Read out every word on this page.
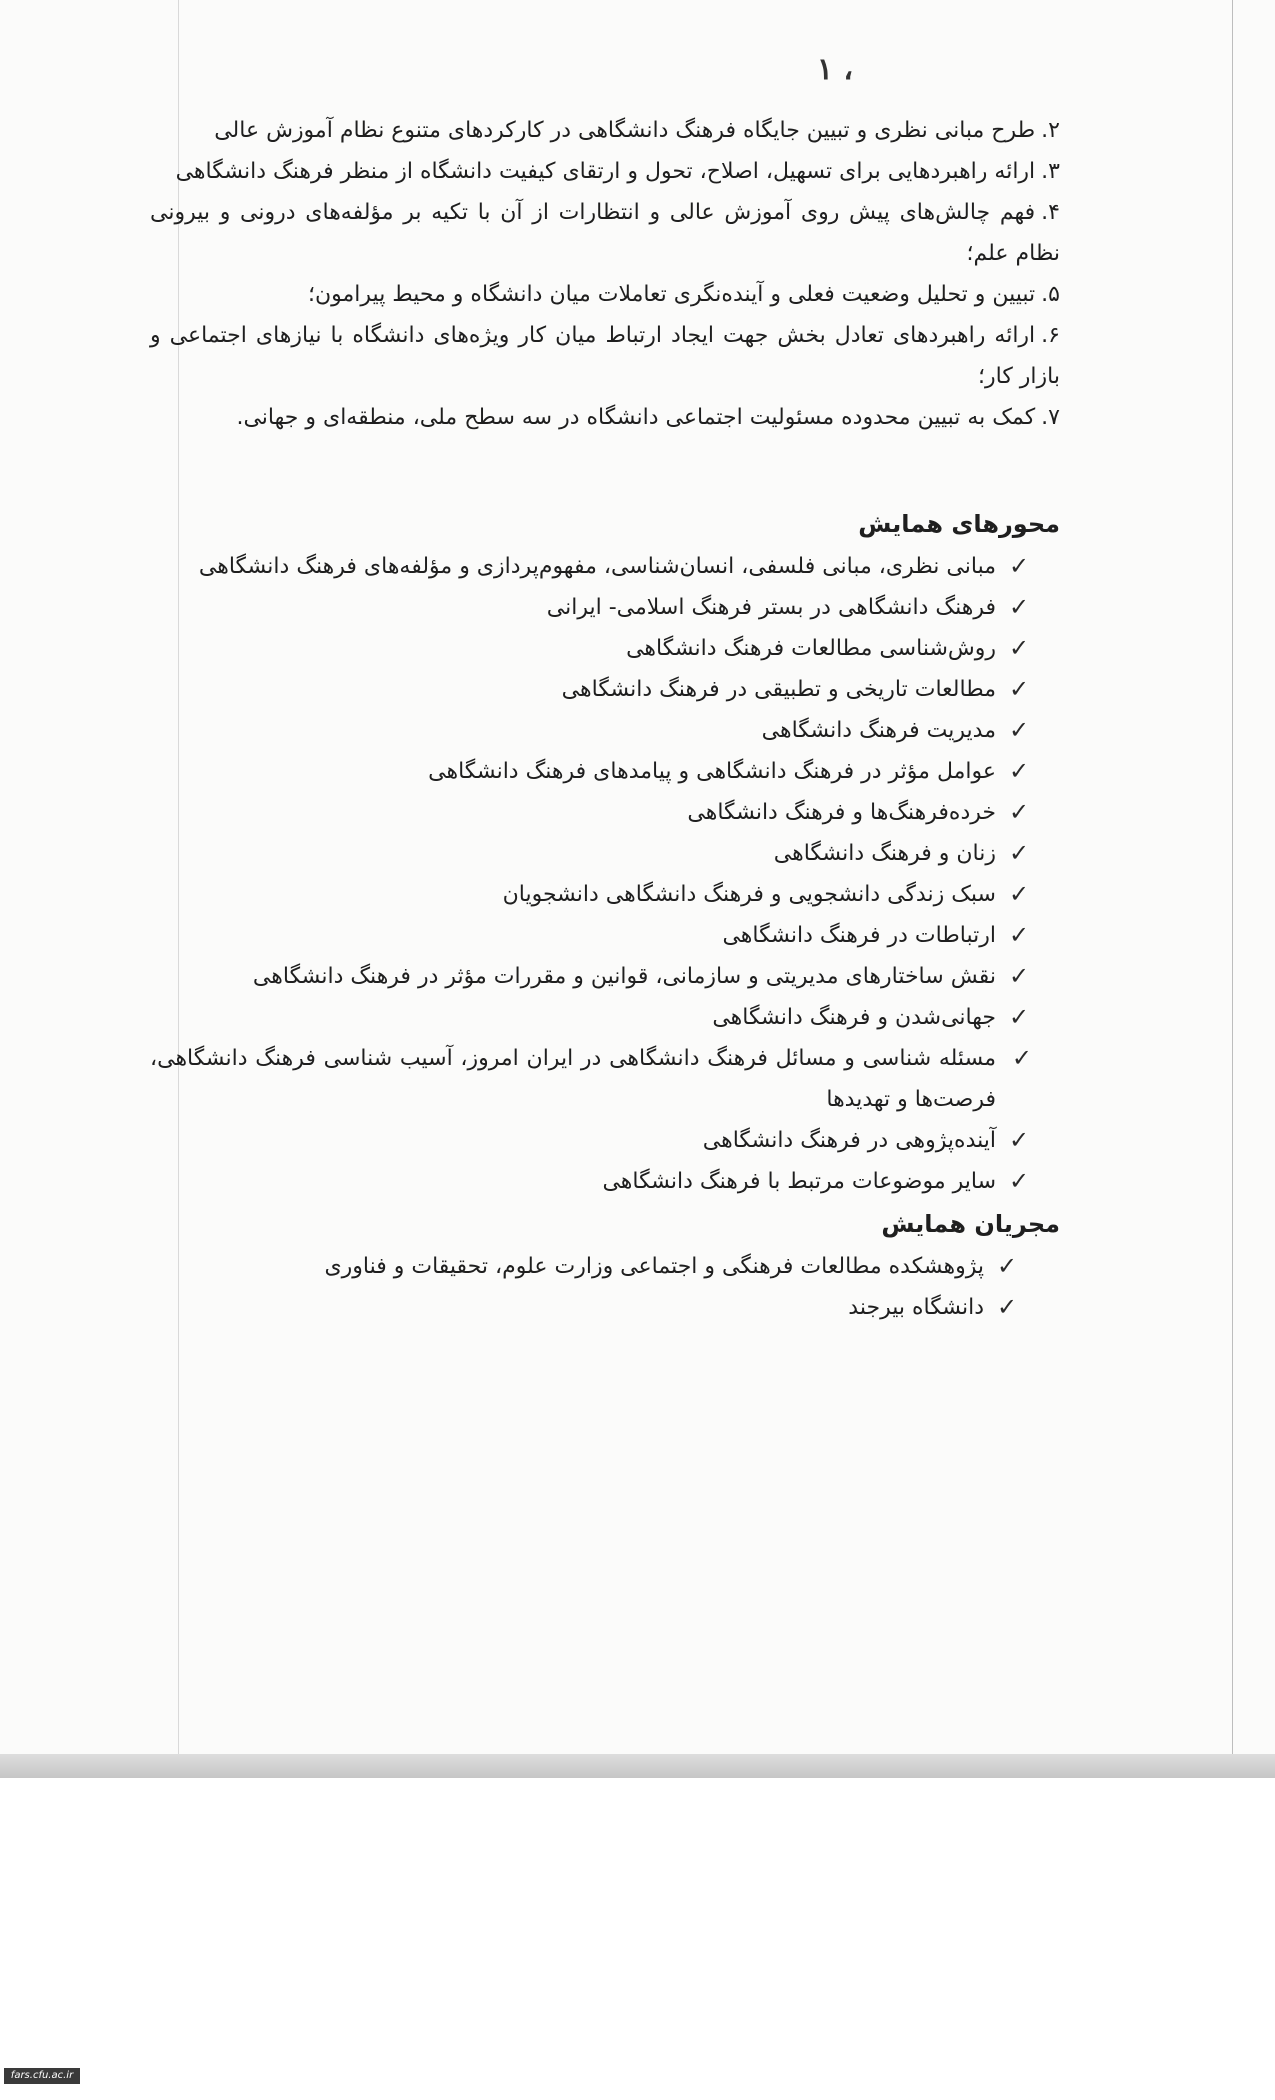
۱ ،

۲.طرح مبانی نظری و تبیین جایگاه فرهنگ دانشگاهی در کارکردهای متنوع نظام آموزش عالی

۳.ارائه راهبردهایی برای تسهیل، اصلاح، تحول و ارتقای کیفیت دانشگاه از منظر فرهنگ دانشگاهی

۴.فهم چالش‌های پیش روی آموزش عالی و انتظارات از آن با تکیه بر مؤلفه‌های درونی و بیرونی نظام علم؛

۵.تبیین و تحلیل وضعیت فعلی و آینده‌نگری تعاملات میان دانشگاه و محیط پیرامون؛

۶.ارائه راهبردهای تعادل بخش جهت ایجاد ارتباط میان کار ویژه‌های دانشگاه با نیازهای اجتماعی و بازار کار؛

۷.کمک به تبیین محدوده مسئولیت اجتماعی دانشگاه در سه سطح ملی، منطقه‌ای و جهانی.

محورهای همایش
✓
مبانی نظری، مبانی فلسفی، انسان‌شناسی، مفهوم‌پردازی و مؤلفه‌های فرهنگ دانشگاهی
✓
فرهنگ دانشگاهی در بستر فرهنگ اسلامی- ایرانی
✓
روش‌شناسی مطالعات فرهنگ دانشگاهی
✓
مطالعات تاریخی و تطبیقی در فرهنگ دانشگاهی
✓
مدیریت فرهنگ دانشگاهی
✓
عوامل مؤثر در فرهنگ دانشگاهی و پیامدهای فرهنگ دانشگاهی
✓
خرده‌فرهنگ‌ها و فرهنگ دانشگاهی
✓
زنان و فرهنگ دانشگاهی
✓
سبک زندگی دانشجویی و فرهنگ دانشگاهی دانشجویان
✓
ارتباطات در فرهنگ دانشگاهی
✓
نقش ساختارهای مدیریتی و سازمانی، قوانین و مقررات مؤثر در فرهنگ دانشگاهی
✓
جهانی‌شدن و فرهنگ دانشگاهی
✓
مسئله شناسی و مسائل فرهنگ دانشگاهی در ایران امروز، آسیب شناسی فرهنگ دانشگاهی، فرصت‌ها و تهدیدها
✓
آینده‌پژوهی در فرهنگ دانشگاهی
✓
سایر موضوعات مرتبط با فرهنگ دانشگاهی
مجریان همایش
✓
پژوهشکده مطالعات فرهنگی و اجتماعی وزارت علوم، تحقیقات و فناوری
✓
دانشگاه بیرجند
fars.cfu.ac.ir
